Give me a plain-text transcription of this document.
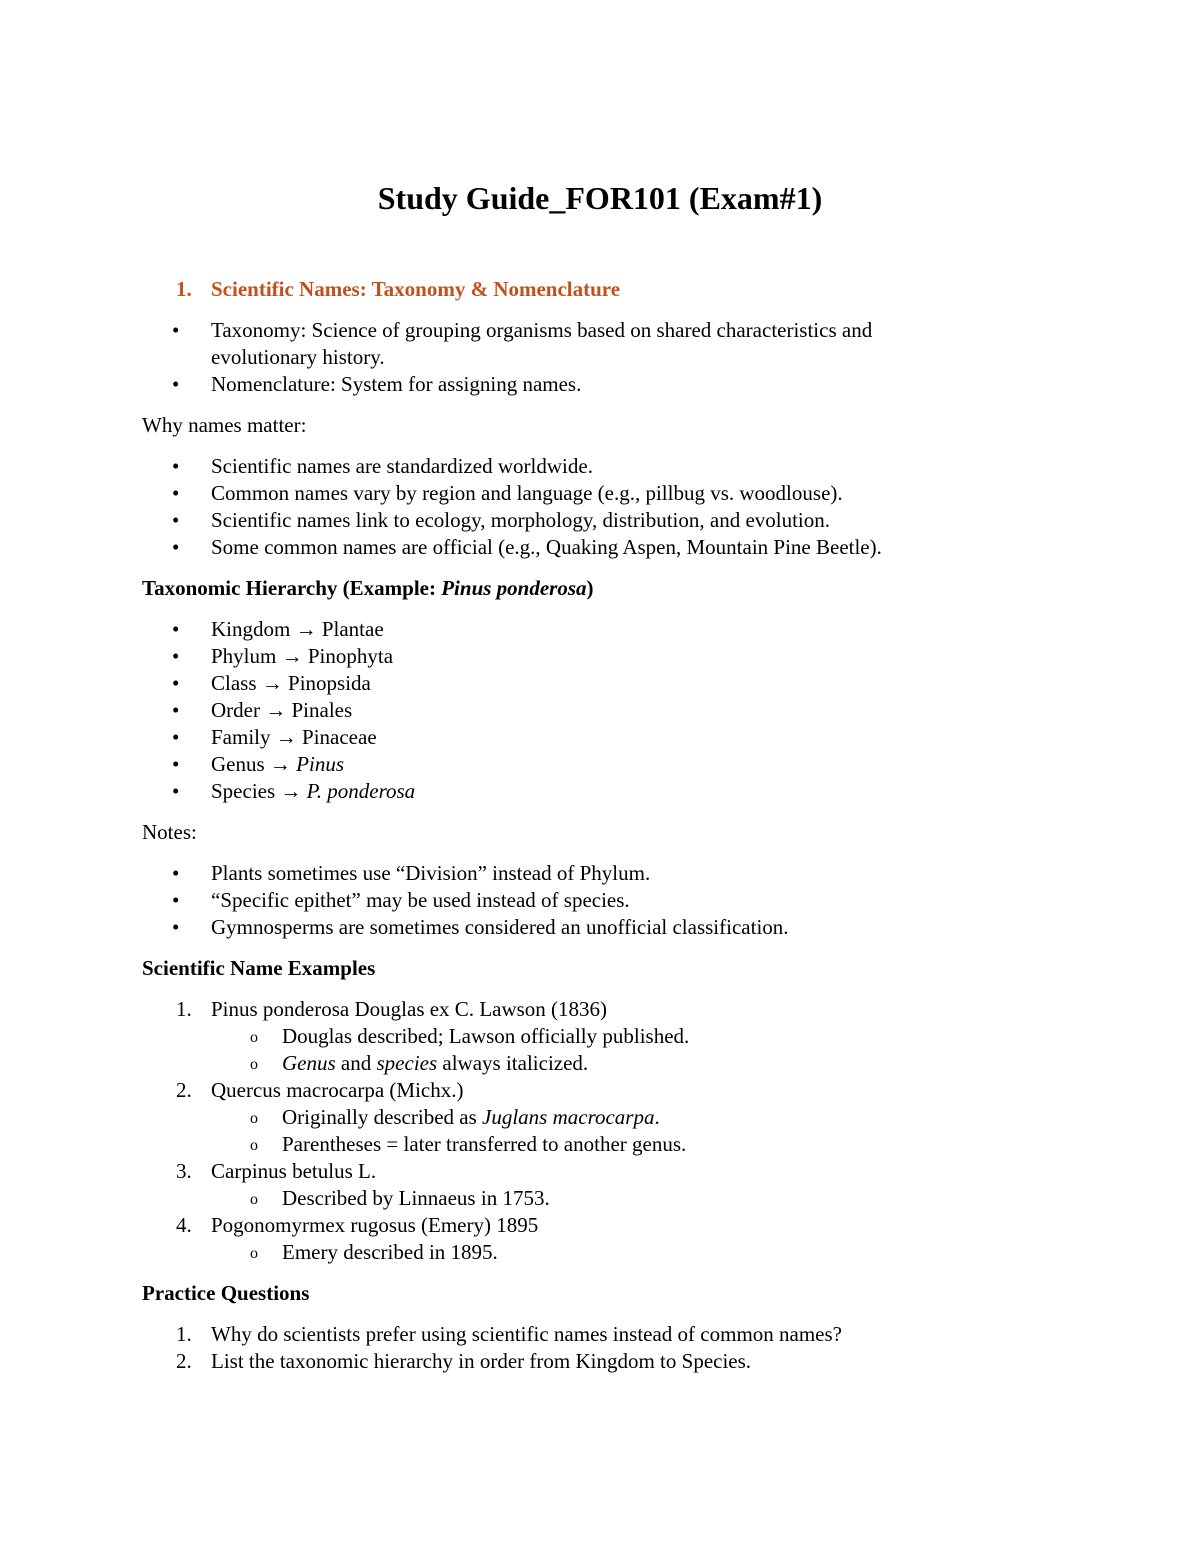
Study Guide_FOR101 (Exam#1)
1. Scientific Names: Taxonomy & Nomenclature
• Taxonomy: Science of grouping organisms based on shared characteristics and evolutionary history.
• Nomenclature: System for assigning names.

Why names matter:

• Scientific names are standardized worldwide.
• Common names vary by region and language (e.g., pillbug vs. woodlouse).
• Scientific names link to ecology, morphology, distribution, and evolution.
• Some common names are official (e.g., Quaking Aspen, Mountain Pine Beetle).
Taxonomic Hierarchy (Example: Pinus ponderosa)
• Kingdom → Plantae
• Phylum → Pinophyta
• Class → Pinopsida
• Order → Pinales
• Family → Pinaceae
• Genus → Pinus
• Species → P. ponderosa

Notes:

• Plants sometimes use “Division” instead of Phylum.
• “Specific epithet” may be used instead of species.
• Gymnosperms are sometimes considered an unofficial classification.
Scientific Name Examples
1. Pinus ponderosa Douglas ex C. Lawson (1836)
o Douglas described; Lawson officially published.
o Genus and species always italicized.
2. Quercus macrocarpa (Michx.)
o Originally described as Juglans macrocarpa.
o Parentheses = later transferred to another genus.
3. Carpinus betulus L.
o Described by Linnaeus in 1753.
4. Pogonomyrmex rugosus (Emery) 1895
o Emery described in 1895.
Practice Questions
1. Why do scientists prefer using scientific names instead of common names?
2. List the taxonomic hierarchy in order from Kingdom to Species.
